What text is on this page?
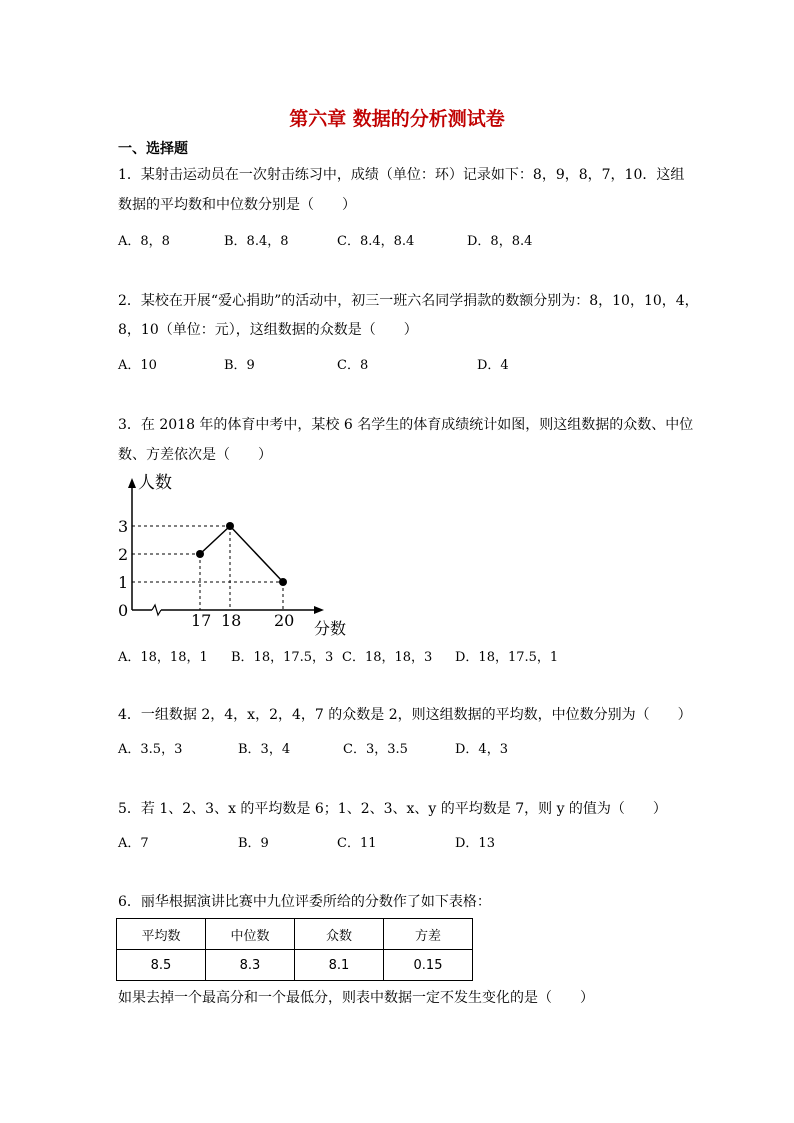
第六章 数据的分析测试卷
一、选择题
1．某射击运动员在一次射击练习中，成绩（单位：环）记录如下：8，9，8，7，10．这组
数据的平均数和中位数分别是（　　）
A．8，8	B．8.4，8	C．8.4，8.4	D．8，8.4
2．某校在开展“爱心捐助”的活动中，初三一班六名同学捐款的数额分别为：8，10，10，4，
8，10（单位：元），这组数据的众数是（　　）
A．10	B．9	C．8	D．4
3．在 2018 年的体育中考中，某校 6 名学生的体育成绩统计如图，则这组数据的众数、中位
数、方差依次是（　　）
17 18 20
0
1
2
3
人数
分数
A．18，18，1 B．18，17.5，3 C．18，18，3 D．18，17.5，1
4．一组数据 2，4，x，2，4，7 的众数是 2，则这组数据的平均数，中位数分别为（　　）
A．3.5，3	B．3，4	C．3，3.5	D．4，3
5．若 1、2、3、x 的平均数是 6；1、2、3、x、y 的平均数是 7，则 y 的值为（　　）
A．7	B．9	C．11	D．13
6．丽华根据演讲比赛中九位评委所给的分数作了如下表格：
平均数	中位数	众数	方差
8.5	8.3	8.1	0.15
如果去掉一个最高分和一个最低分，则表中数据一定不发生变化的是（　　）
